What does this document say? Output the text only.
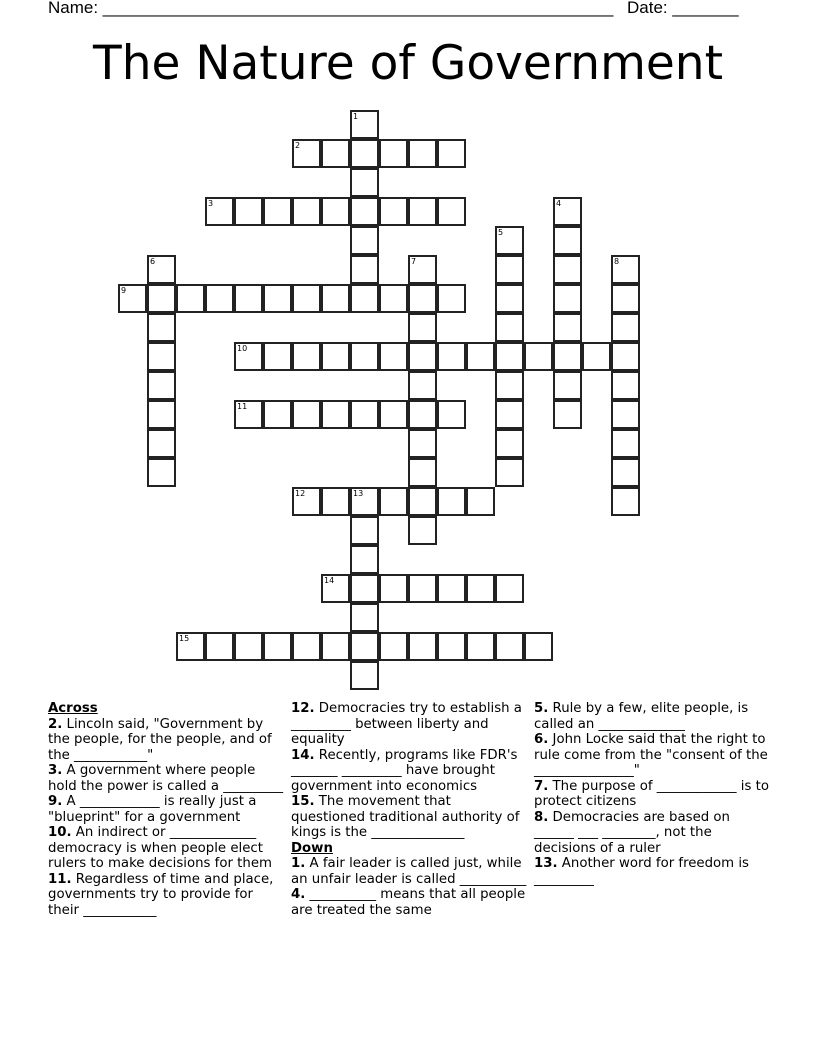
Name: ______________________________________________________ Date: _______
The Nature of Government
1
2
3	4
5
6	7	8
9
10
11
12	13
14
15
Across
2. Lincoln said, "Government by the people, for the people, and of the ___________"
3. A government where people hold the power is called a _________
9. A ____________ is really just a "blueprint" for a government
10. An indirect or _____________ democracy is when people elect rulers to make decisions for them
11. Regardless of time and place, governments try to provide for their ___________
12. Democracies try to establish a _________ between liberty and equality
14. Recently, programs like FDR's _______ _________ have brought government into economics
15. The movement that questioned traditional authority of kings is the ______________
Down
1. A fair leader is called just, while an unfair leader is called __________
4. __________ means that all people are treated the same
5. Rule by a few, elite people, is called an _____________
6. John Locke said that the right to rule come from the "consent of the _______________"
7. The purpose of ____________ is to protect citizens
8. Democracies are based on ______ ___ ________, not the decisions of a ruler
13. Another word for freedom is _________
